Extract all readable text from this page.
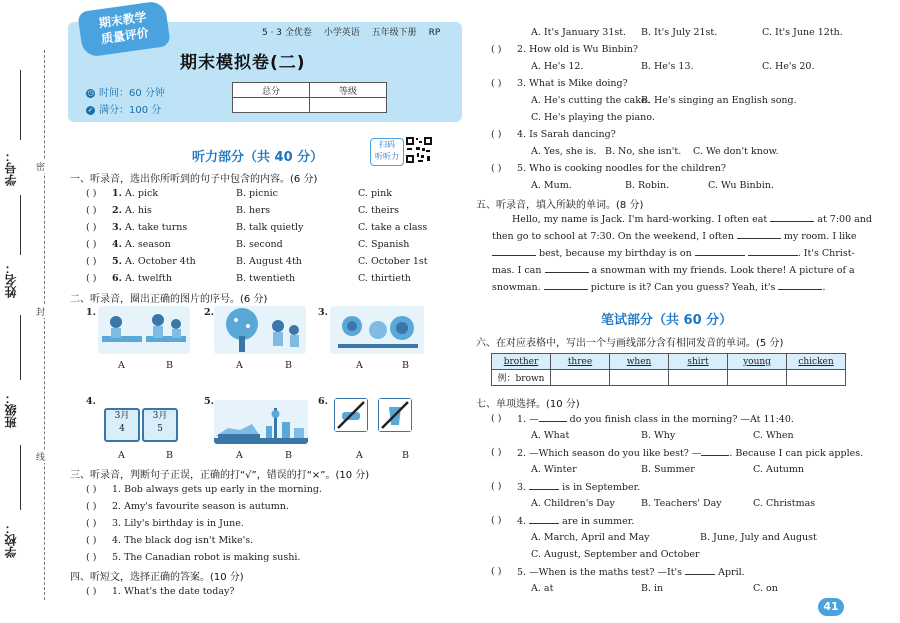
密
封
线
学号：
姓名：
班级：
学校：
期末教学
质量评价	5 · 3 全优卷 小学英语 五年级下册 RP
期末模拟卷(二)
◷ 时间：60 分钟
✓ 满分：100 分
总分	等级

听力部分（共 40 分）
扫码
听听力
一、听录音，选出你所听到的句子中包含的内容。(6 分)
( ) 1. A. pick	B. picnic	C. pink
( ) 2. A. his	B. hers	C. theirs
( ) 3. A. take turns	B. talk quietly	C. take a class
( ) 4. A. season	B. second	C. Spanish
( ) 5. A. October 4th	B. August 4th	C. October 1st
( ) 6. A. twelfth	B. twentieth	C. thirtieth
二、听录音，圈出正确的图片的序号。(6 分)
1.	2.	3.
A	B	A	B	A	B
4.
3月
4
3月
5
5.	6.
A	B	A	B	A	B
三、听录音，判断句子正误，正确的打“√”，错误的打“×”。(10 分)
( ) 1. Bob always gets up early in the morning.
( ) 2. Amy's favourite season is autumn.
( ) 3. Lily's birthday is in June.
( ) 4. The black dog isn't Mike's.
( ) 5. The Canadian robot is making sushi.
四、听短文，选择正确的答案。(10 分)
( ) 1. What's the date today?
A. It's January 31st. B. It's July 21st.	C. It's June 12th.
( ) 2. How old is Wu Binbin?
A. He's 12.	B. He's 13.	C. He's 20.
( ) 3. What is Mike doing?
A. He's cutting the cake.
B. He's singing an English song.
C. He's playing the piano.
( ) 4. Is Sarah dancing?
A. Yes, she is. B. No, she isn't. C. We don't know.
( ) 5. Who is cooking noodles for the children?
A. Mum.	B. Robin.	C. Wu Binbin.
五、听录音，填入所缺的单词。(8 分)
Hello, my name is Jack. I'm hard-working. I often eat	at 7:00 and
then go to school at 7:30. On the weekend, I often	my room. I like
best, because my birthday is on	. It's Christ-
mas. I can	a snowman with my friends. Look there! A picture of a
snowman.	picture is it? Can you guess? Yeah, it's	.
笔试部分（共 60 分）
六、在对应表格中，写出一个与画线部分含有相同发音的单词。(5 分)
brother	three	when	shirt	young	chicken
例：brown					
七、单项选择。(10 分)
( ) 1. —	do you finish class in the morning? —At 11:40.
A. What	B. Why	C. When
( ) 2. —Which season do you like best? —	. Because I can pick apples.
A. Winter	B. Summer	C. Autumn
( ) 3.	is in September.
A. Children's Day	B. Teachers' Day	C. Christmas
( ) 4.	are in summer.
A. March, April and May	B. June, July and August
C. August, September and October
( ) 5. —When is the maths test? —It's	April.
A. at	B. in	C. on
41
